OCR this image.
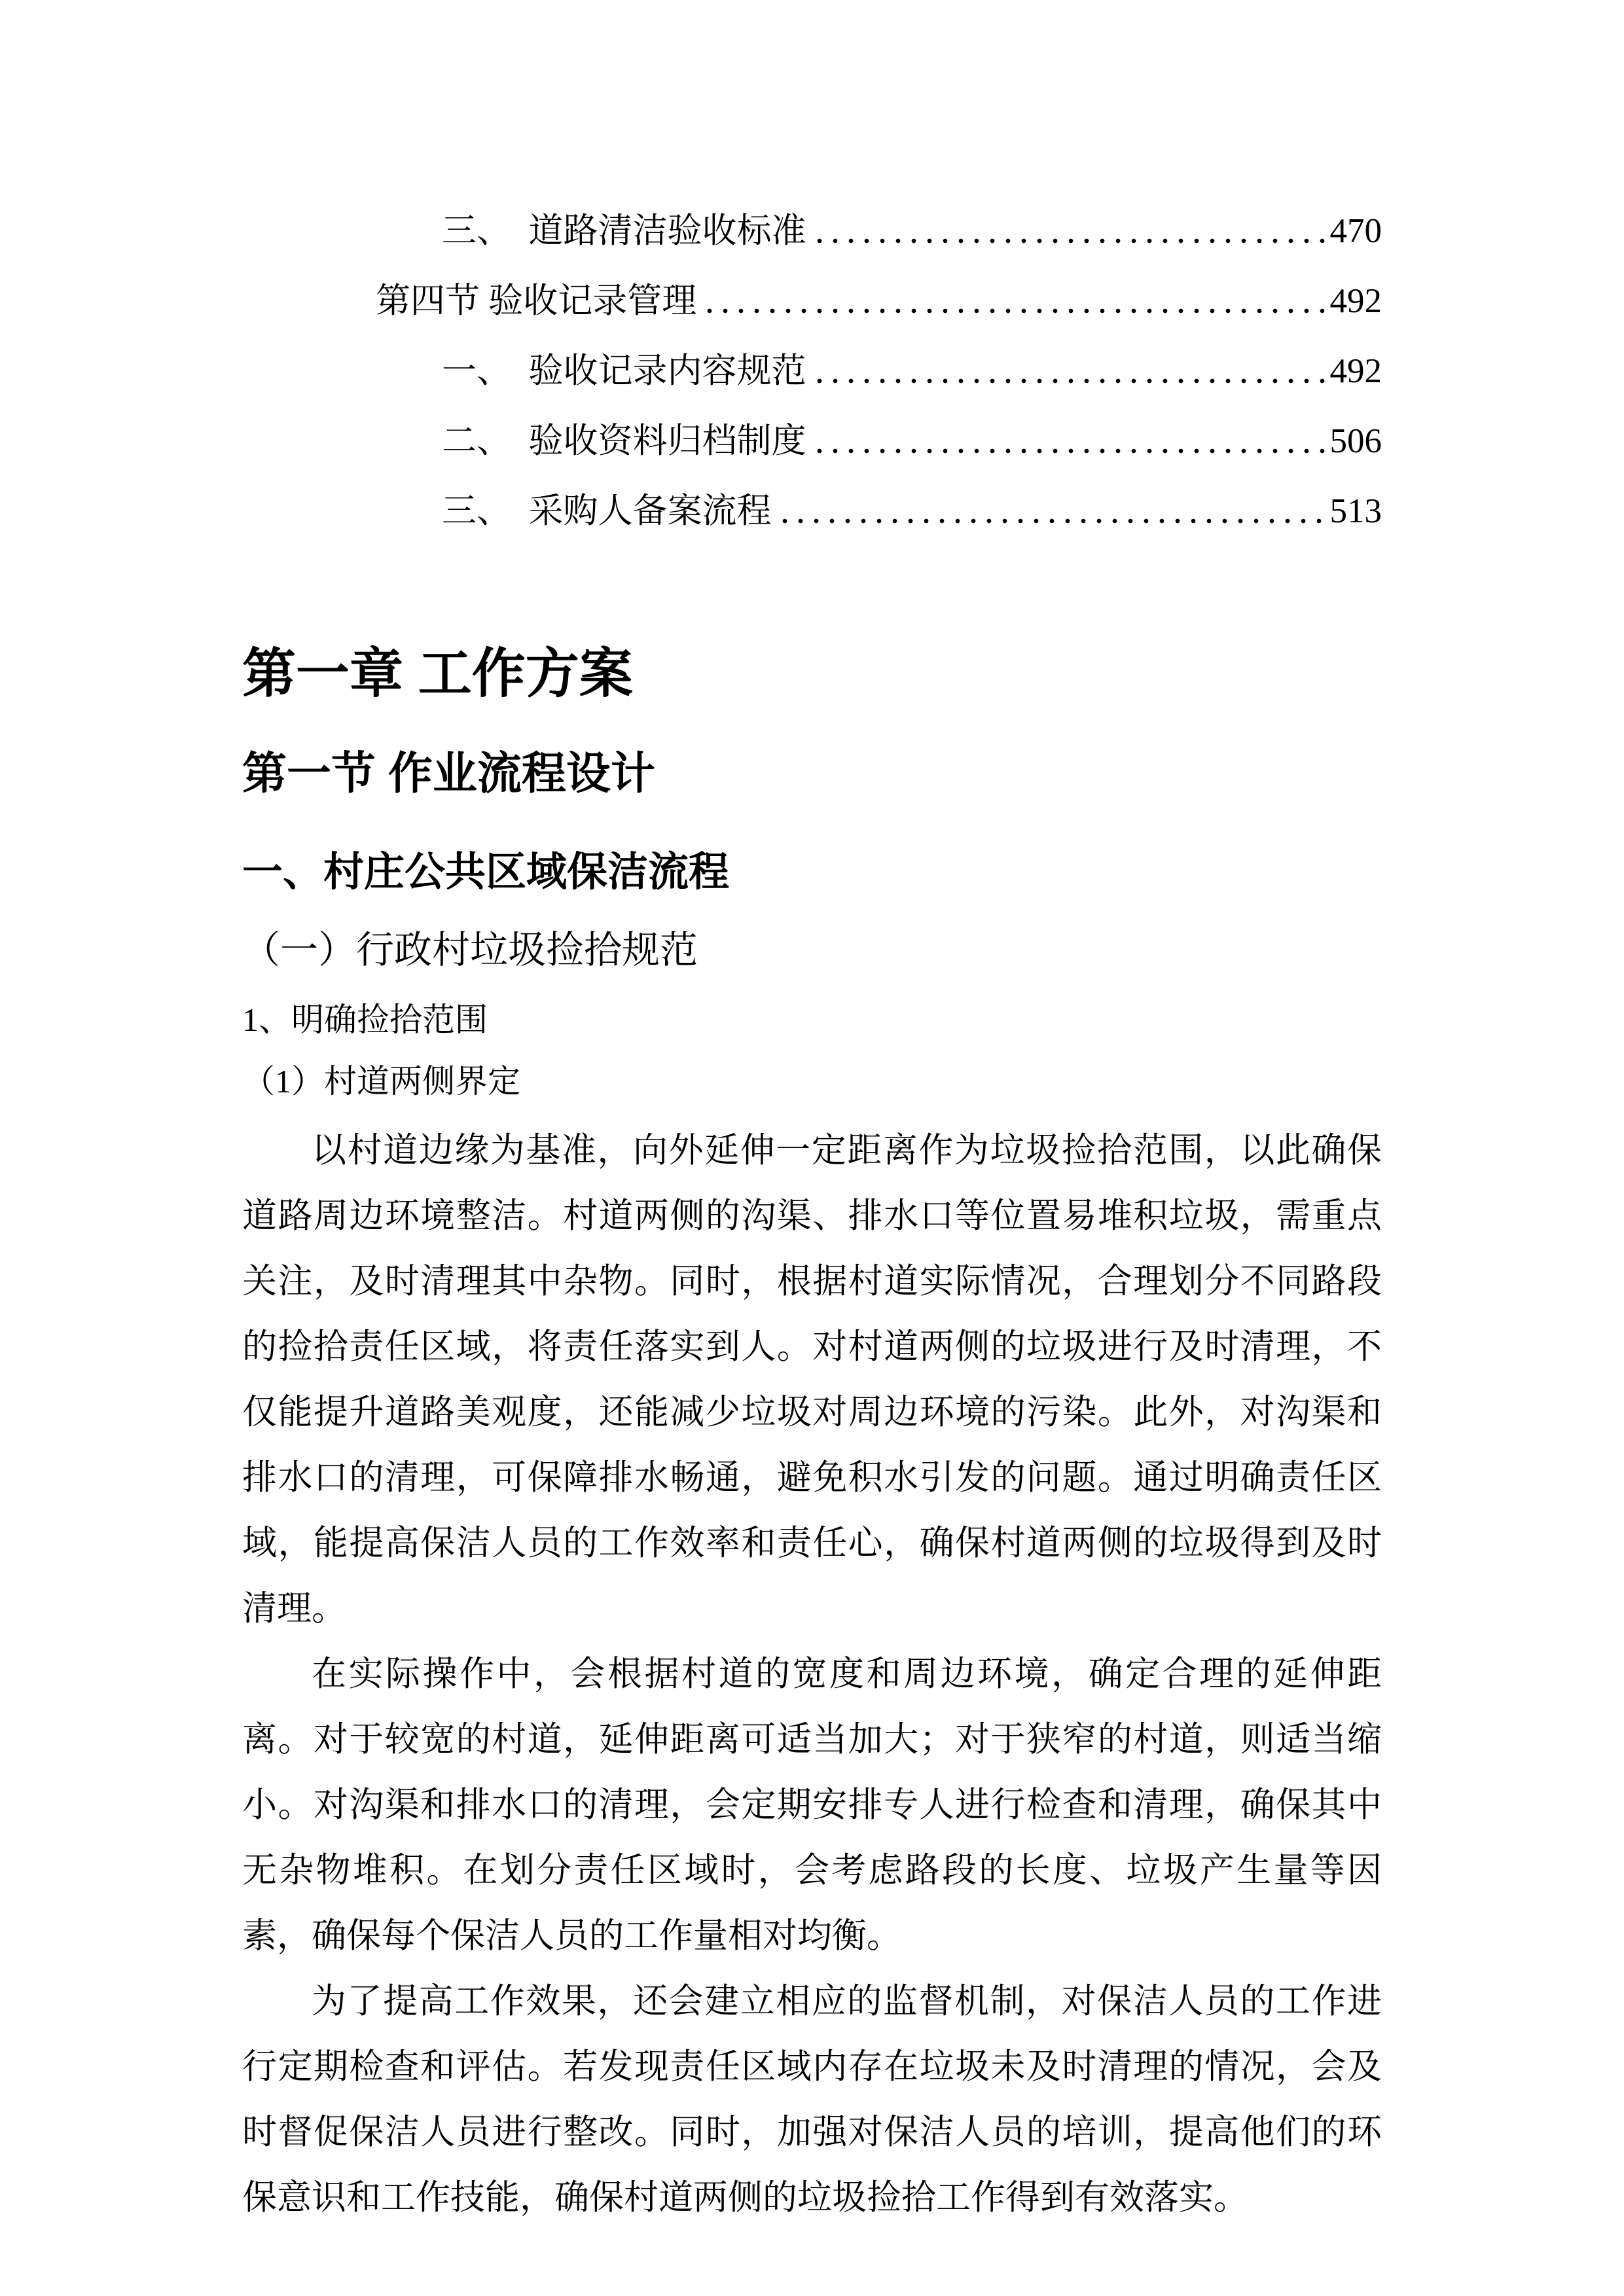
三、　道路清洁验收标准	470
第四节 验收记录管理	492
一、　验收记录内容规范	492
二、　验收资料归档制度	506
三、　采购人备案流程	513
第一章 工作方案
第一节 作业流程设计
一、村庄公共区域保洁流程
（一）行政村垃圾捡拾规范
1、明确捡拾范围
（1）村道两侧界定

以村道边缘为基准，向外延伸一定距离作为垃圾捡拾范围，以此确保道路周边环境整洁。村道两侧的沟渠、排水口等位置易堆积垃圾，需重点关注，及时清理其中杂物。同时，根据村道实际情况，合理划分不同路段的捡拾责任区域，将责任落实到人。对村道两侧的垃圾进行及时清理，不仅能提升道路美观度，还能减少垃圾对周边环境的污染。此外，对沟渠和排水口的清理，可保障排水畅通，避免积水引发的问题。通过明确责任区域，能提高保洁人员的工作效率和责任心，确保村道两侧的垃圾得到及时清理。

在实际操作中，会根据村道的宽度和周边环境，确定合理的延伸距离。对于较宽的村道，延伸距离可适当加大；对于狭窄的村道，则适当缩小。对沟渠和排水口的清理，会定期安排专人进行检查和清理，确保其中无杂物堆积。在划分责任区域时，会考虑路段的长度、垃圾产生量等因素，确保每个保洁人员的工作量相对均衡。

为了提高工作效果，还会建立相应的监督机制，对保洁人员的工作进行定期检查和评估。若发现责任区域内存在垃圾未及时清理的情况，会及时督促保洁人员进行整改。同时，加强对保洁人员的培训，提高他们的环保意识和工作技能，确保村道两侧的垃圾捡拾工作得到有效落实。
